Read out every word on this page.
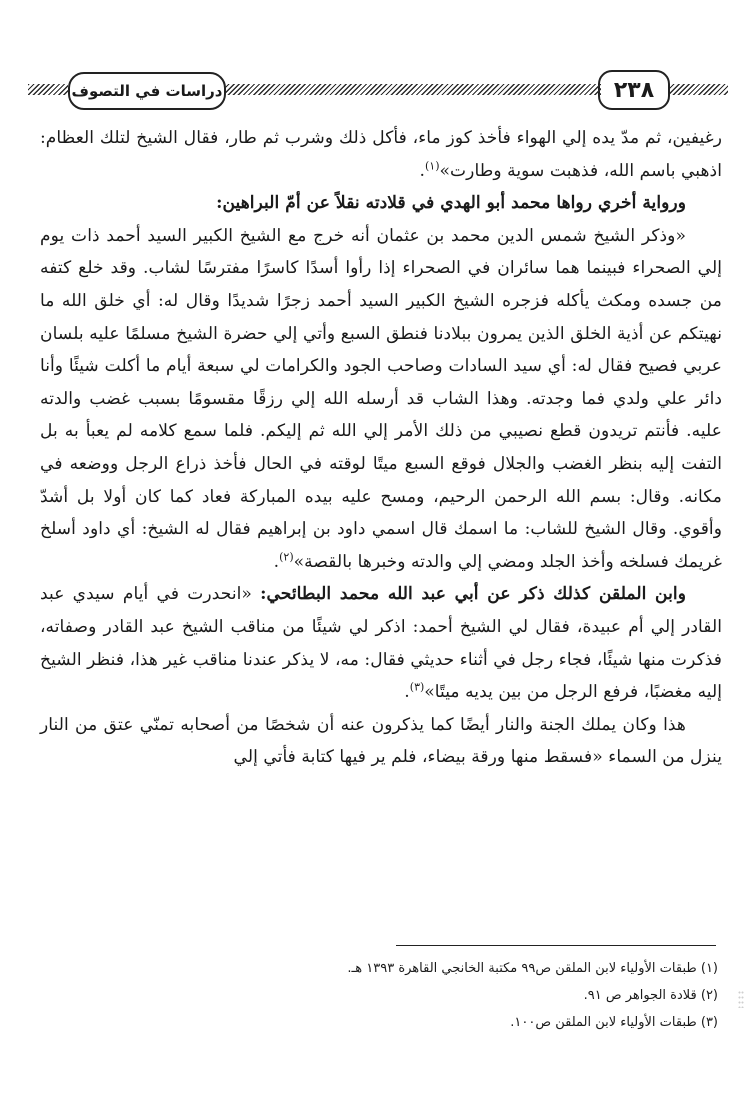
٢٣٨
دراسات في التصوف

رغيفين، ثم مدّ يده إلي الهواء فأخذ كوز ماء، فأكل ذلك وشرب ثم طار، فقال الشيخ لتلك العظام: اذهبي باسم الله، فذهبت سوية وطارت»$^{(١)}$.

ورواية أخري رواها محمد أبو الهدي في قلادته نقلاً عن أمّ البراهين:

«وذكر الشيخ شمس الدين محمد بن عثمان أنه خرج مع الشيخ الكبير السيد أحمد ذات يوم إلي الصحراء فبينما هما سائران في الصحراء إذا رأوا أسدًا كاسرًا مفترسًا لشاب. وقد خلع كتفه من جسده ومكث يأكله فزجره الشيخ الكبير السيد أحمد زجرًا شديدًا وقال له: أي خلق الله ما نهيتكم عن أذية الخلق الذين يمرون ببلادنا فنطق السبع وأتي إلي حضرة الشيخ مسلمًا عليه بلسان عربي فصيح فقال له: أي سيد السادات وصاحب الجود والكرامات لي سبعة أيام ما أكلت شيئًا وأنا دائر علي ولدي فما وجدته. وهذا الشاب قد أرسله الله إلي رزقًا مقسومًا بسبب غضب والدته عليه. فأنتم تريدون قطع نصيبي من ذلك الأمر إلي الله ثم إليكم. فلما سمع كلامه لم يعبأ به بل التفت إليه بنظر الغضب والجلال فوقع السبع ميتًا لوقته في الحال فأخذ ذراع الرجل ووضعه في مكانه. وقال: بسم الله الرحمن الرحيم، ومسح عليه بيده المباركة فعاد كما كان أولا بل أشدّ وأقوي. وقال الشيخ للشاب: ما اسمك قال اسمي داود بن إبراهيم فقال له الشيخ: أي داود أسلخ غريمك فسلخه وأخذ الجلد ومضي إلي والدته وخبرها بالقصة»$^{(٢)}$.

وابن الملقن كذلك ذكر عن أبي عبد الله محمد البطائحي: «انحدرت في أيام سيدي عبد القادر إلي أم عبيدة، فقال لي الشيخ أحمد: اذكر لي شيئًا من مناقب الشيخ عبد القادر وصفاته، فذكرت منها شيئًا، فجاء رجل في أثناء حديثي فقال: مه، لا يذكر عندنا مناقب غير هذا، فنظر الشيخ إليه مغضبًا، فرفع الرجل من بين يديه ميتًا»$^{(٣)}$.

هذا وكان يملك الجنة والنار أيضًا كما يذكرون عنه أن شخصًا من أصحابه تمنّي عتق من النار ينزل من السماء «فسقط منها ورقة بيضاء، فلم ير فيها كتابة فأتي إلي

(١) طبقات الأولياء لابن الملقن ص٩٩ مكتبة الخانجي القاهرة ١٣٩٣ هـ.

(٢) قلادة الجواهر ص ٩١.

(٣) طبقات الأولياء لابن الملقن ص١٠٠.
